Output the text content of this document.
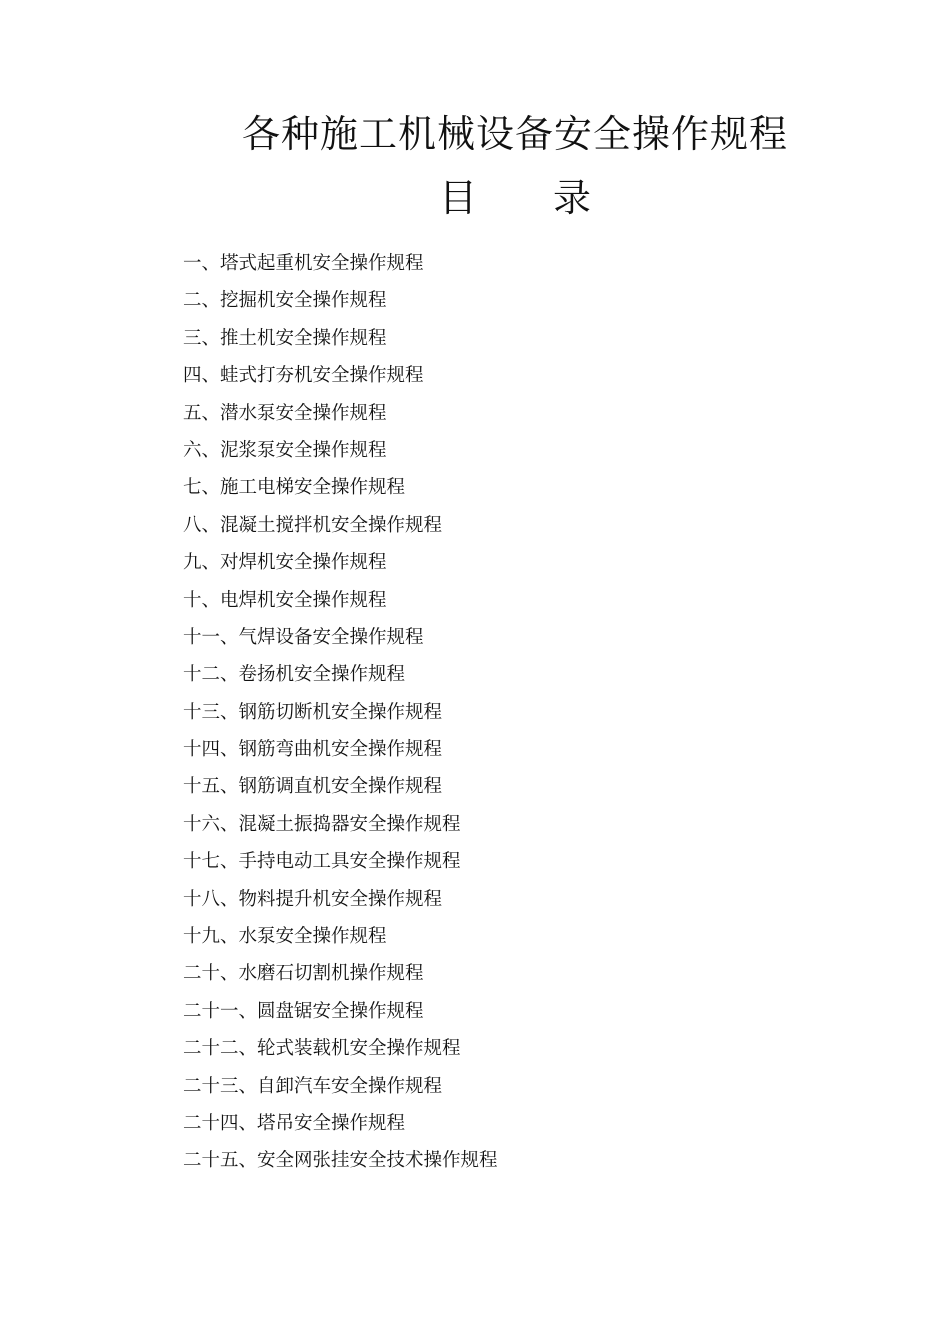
各种施工机械设备安全操作规程
目 录
一、塔式起重机安全操作规程
二、挖掘机安全操作规程
三、推土机安全操作规程
四、蛙式打夯机安全操作规程
五、潜水泵安全操作规程
六、泥浆泵安全操作规程
七、施工电梯安全操作规程
八、混凝土搅拌机安全操作规程
九、对焊机安全操作规程
十、电焊机安全操作规程
十一、气焊设备安全操作规程
十二、卷扬机安全操作规程
十三、钢筋切断机安全操作规程
十四、钢筋弯曲机安全操作规程
十五、钢筋调直机安全操作规程
十六、混凝土振捣器安全操作规程
十七、手持电动工具安全操作规程
十八、物料提升机安全操作规程
十九、水泵安全操作规程
二十、水磨石切割机操作规程
二十一、圆盘锯安全操作规程
二十二、轮式装载机安全操作规程
二十三、自卸汽车安全操作规程
二十四、塔吊安全操作规程
二十五、安全网张挂安全技术操作规程
